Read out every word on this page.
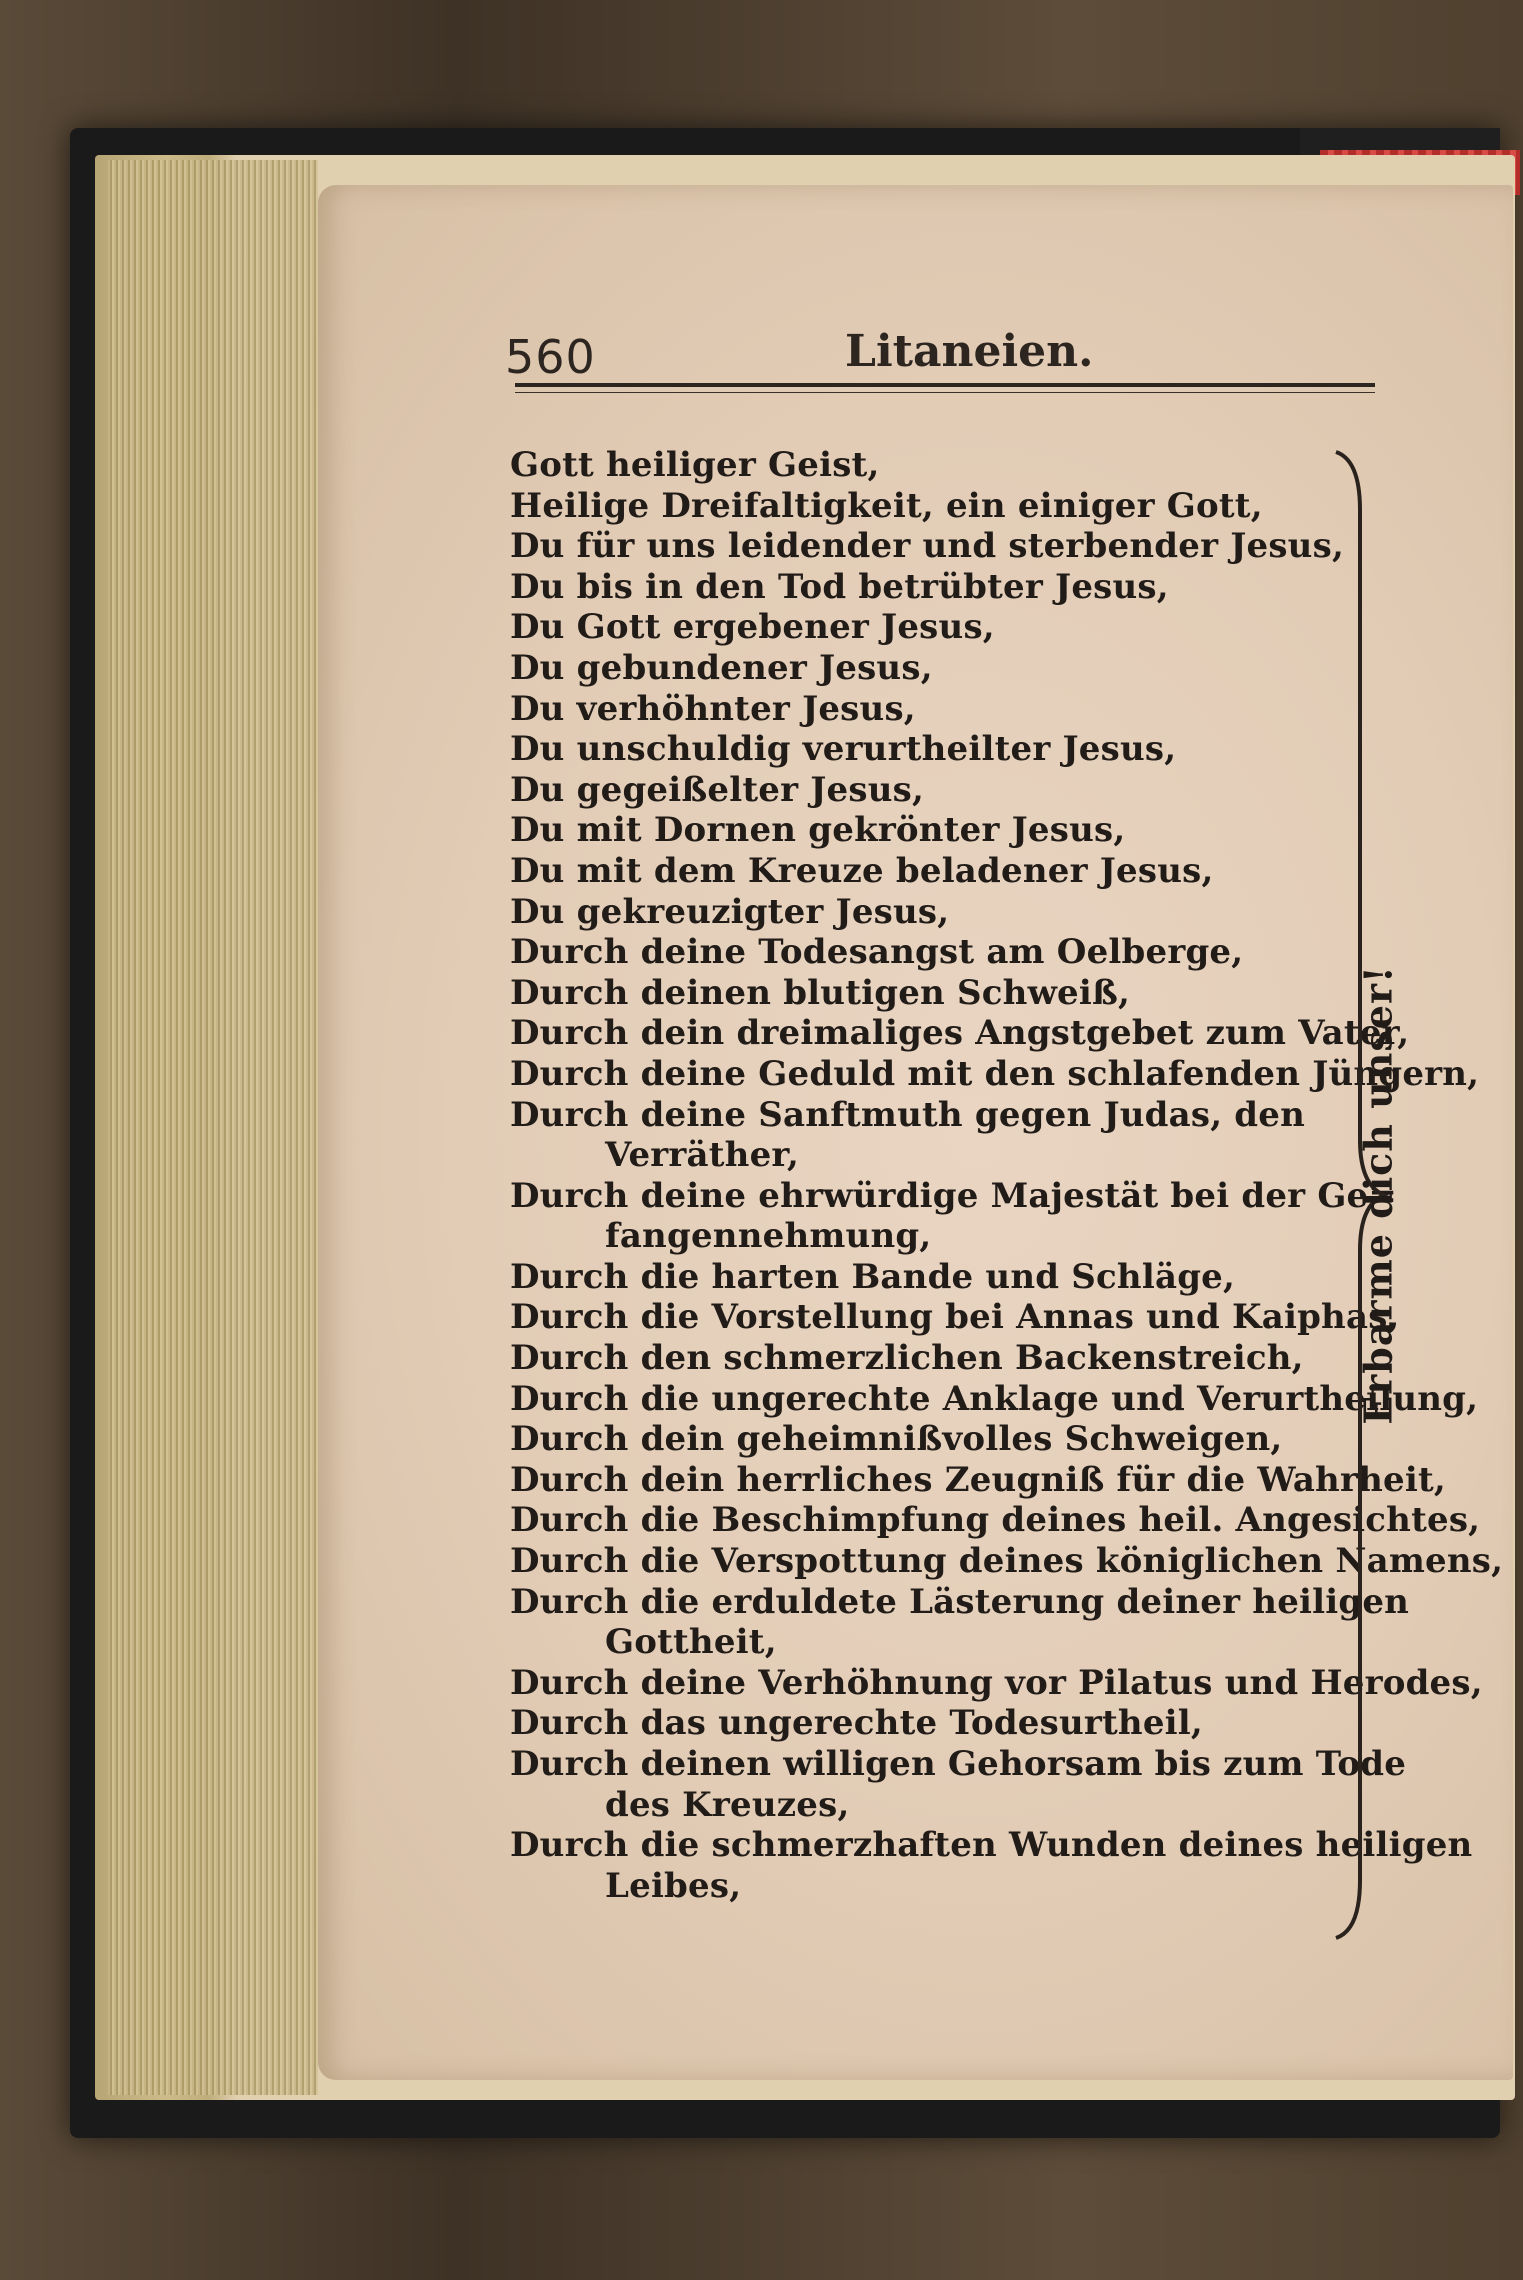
560	Litaneien.
Gott heiliger Geist,
Heilige Dreifaltigkeit, ein einiger Gott,
Du für uns leidender und sterbender Jesus,
Du bis in den Tod betrübter Jesus,
Du Gott ergebener Jesus,
Du gebundener Jesus,
Du verhöhnter Jesus,
Du unschuldig verurtheilter Jesus,
Du gegeißelter Jesus,
Du mit Dornen gekrönter Jesus,
Du mit dem Kreuze beladener Jesus,
Du gekreuzigter Jesus,
Durch deine Todesangst am Oelberge,
Durch deinen blutigen Schweiß,
Durch dein dreimaliges Angstgebet zum Vater,
Durch deine Geduld mit den schlafenden Jüngern,
Durch deine Sanftmuth gegen Judas, den
Verräther,
Durch deine ehrwürdige Majestät bei der Ge=
fangennehmung,
Durch die harten Bande und Schläge,
Durch die Vorstellung bei Annas und Kaiphas,
Durch den schmerzlichen Backenstreich,
Durch die ungerechte Anklage und Verurtheilung,
Durch dein geheimnißvolles Schweigen,
Durch dein herrliches Zeugniß für die Wahrheit,
Durch die Beschimpfung deines heil. Angesichtes,
Durch die Verspottung deines königlichen Namens,
Durch die erduldete Lästerung deiner heiligen
Gottheit,
Durch deine Verhöhnung vor Pilatus und Herodes,
Durch das ungerechte Todesurtheil,
Durch deinen willigen Gehorsam bis zum Tode
des Kreuzes,
Durch die schmerzhaften Wunden deines heiligen
Leibes,
Erbarme dich unser!
